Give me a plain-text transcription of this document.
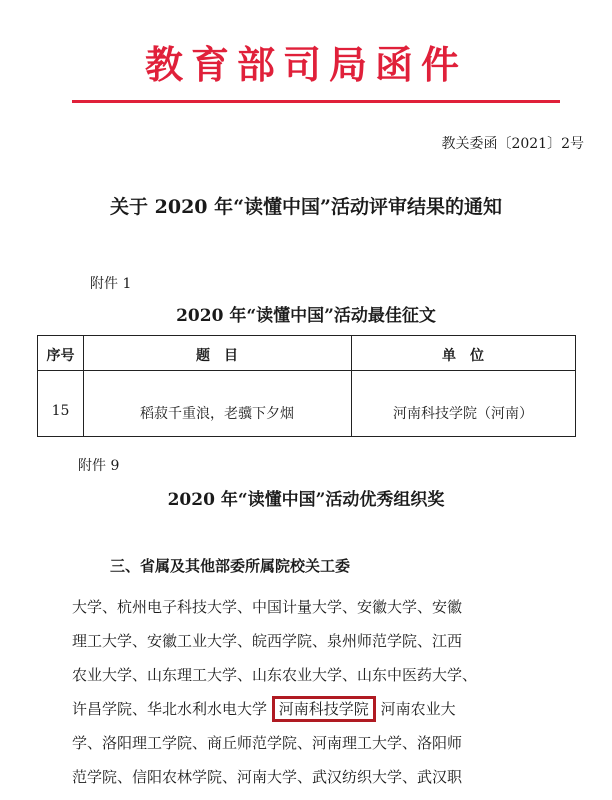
教育部司局函件
教关委函〔2021〕2号
关于 2020 年“读懂中国”活动评审结果的通知
附件 1
2020 年“读懂中国”活动最佳征文
序号	题　目	单　位
15	稻菽千重浪，老骥下夕烟	河南科技学院（河南）
附件 9
2020 年“读懂中国”活动优秀组织奖
三、省属及其他部委所属院校关工委

大学、杭州电子科技大学、中国计量大学、安徽大学、安徽

理工大学、安徽工业大学、皖西学院、泉州师范学院、江西

农业大学、山东理工大学、山东农业大学、山东中医药大学、

许昌学院、华北水利水电大学 河南科技学院 河南农业大

学、洛阳理工学院、商丘师范学院、河南理工大学、洛阳师

范学院、信阳农林学院、河南大学、武汉纺织大学、武汉职
